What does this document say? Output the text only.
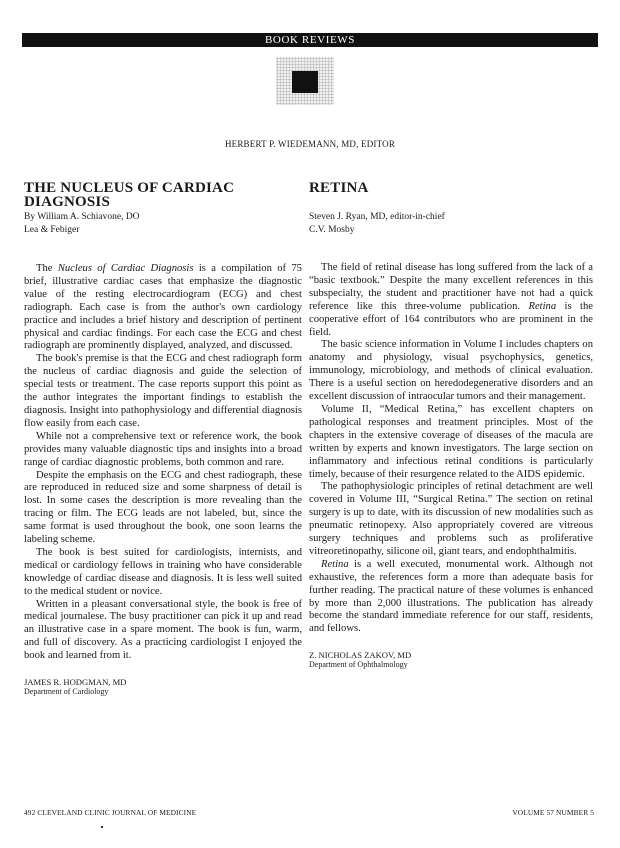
BOOK REVIEWS
HERBERT P. WIEDEMANN, MD, EDITOR
THE NUCLEUS OF CARDIAC
DIAGNOSIS
By William A. Schiavone, DO
Lea & Febiger

The Nucleus of Cardiac Diagnosis is a compilation of 75 brief, illustrative cardiac cases that emphasize the diagnostic value of the resting electrocardiogram (ECG) and chest radiograph. Each case is from the author's own cardiology practice and includes a brief history and description of pertinent physical and cardiac findings. For each case the ECG and chest radiograph are prominently displayed, analyzed, and discussed.

The book's premise is that the ECG and chest radiograph form the nucleus of cardiac diagnosis and guide the selection of special tests or treatment. The case reports support this point as the author integrates the important findings to establish the diagnosis. Insight into pathophysiology and differential diagnosis flow easily from each case.

While not a comprehensive text or reference work, the book provides many valuable diagnostic tips and insights into a broad range of cardiac diagnostic problems, both common and rare.

Despite the emphasis on the ECG and chest radiograph, these are reproduced in reduced size and some sharpness of detail is lost. In some cases the description is more revealing than the tracing or film. The ECG leads are not labeled, but, since the same format is used throughout the book, one soon learns the labeling scheme.

The book is best suited for cardiologists, internists, and medical or cardiology fellows in training who have considerable knowledge of cardiac disease and diagnosis. It is less well suited to the medical student or novice.

Written in a pleasant conversational style, the book is free of medical journalese. The busy practitioner can pick it up and read an illustrative case in a spare moment. The book is fun, warm, and full of discovery. As a practicing cardiologist I enjoyed the book and learned from it.

JAMES R. HODGMAN, MD
Department of Cardiology
RETINA
Steven J. Ryan, MD, editor-in-chief
C.V. Mosby

The field of retinal disease has long suffered from the lack of a “basic textbook.” Despite the many excellent references in this subspecialty, the student and practitioner have not had a quick reference like this three-volume publication. Retina is the cooperative effort of 164 contributors who are prominent in the field.

The basic science information in Volume I includes chapters on anatomy and physiology, visual psychophysics, genetics, immunology, microbiology, and methods of clinical evaluation. There is a useful section on heredodegenerative disorders and an excellent discussion of intraocular tumors and their management.

Volume II, “Medical Retina,” has excellent chapters on pathological responses and treatment principles. Most of the chapters in the extensive coverage of diseases of the macula are written by experts and known investigators. The large section on inflammatory and infectious retinal conditions is particularly timely, because of their resurgence related to the AIDS epidemic.

The pathophysiologic principles of retinal detachment are well covered in Volume III, “Surgical Retina.” The section on retinal surgery is up to date, with its discussion of new modalities such as pneumatic retinopexy. Also appropriately covered are vitreous surgery techniques and problems such as proliferative vitreoretinopathy, silicone oil, giant tears, and endophthalmitis.

Retina is a well executed, monumental work. Although not exhaustive, the references form a more than adequate basis for further reading. The practical nature of these volumes is enhanced by more than 2,000 illustrations. The publication has already become the standard immediate reference for our staff, residents, and fellows.

Z. NICHOLAS ZAKOV, MD
Department of Ophthalmology
492 CLEVELAND CLINIC JOURNAL OF MEDICINE	VOLUME 57 NUMBER 5
